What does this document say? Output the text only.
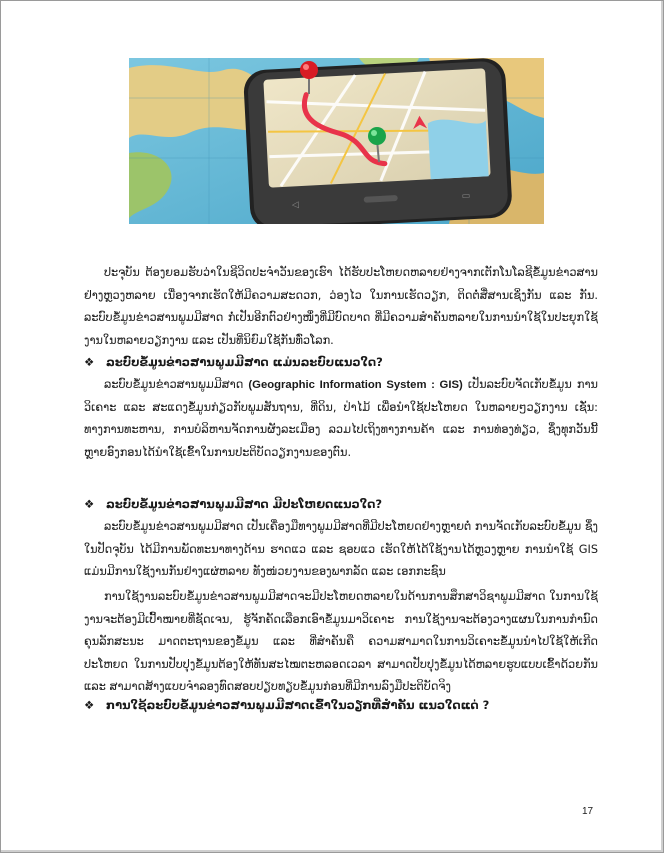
◁
▭

ປະຈຸບັນ ຕ້ອງຍອມຮັບວ່າໃນຊີວິດປະຈໍາວັນຂອງເຮົາ ໄດ້ຮັບປະໂຫຍດຫລາຍຢ່າງຈາກເຕັກໂນໂລຊີຂໍ້ມູນຂ່າວສານຢ່າງຫຼວງຫລາຍ ເນື່ອງຈາກເຮັດໃຫ້ມີຄວາມສະດວກ, ວ່ອງໄວ ໃນການເຮັດວຽກ, ຕິດຕໍ່ສື່ສານເຊິ່ງກັນ ແລະ ກັນ. ລະບົບຂໍ້ມູນຂ່າວສານພູມມີສາດ ກໍ່ເປັນອີກຕົວຢ່າງໜຶ່ງທີ່ມີບົດບາດ ທີ່ມີຄວາມສໍາຄັນຫລາຍໃນການນໍາໃຊ້ໃນປະຍຸກໃຊ້ງານໃນຫລາຍວຽກງານ ແລະ ເປັນທີ່ນິຍົມໃຊ້ກັນທົ່ວໂລກ.

❖ ລະບົບຂໍ້ມູນຂ່າວສານພູມມີສາດ ແມ່ນລະບົບແນວໃດ?

ລະບົບຂໍ້ມູນຂ່າວສານພູມມີສາດ (Geographic Information System : GIS) ເປັນລະບົບຈັດເກັບຂໍ້ມູນ ການວິເຄາະ ແລະ ສະແດງຂໍ້ມູນກ່ຽວກັບພູມສັນຖານ, ທີ່ດິນ, ປ່າໄມ້ ເພື່ອນໍາໃຊ້ປະໂຫຍດ ໃນຫລາຍໆວຽກງານ ເຊັ່ນ: ທາງການທະຫານ, ການບໍລິຫານຈັດການຜັງລະເມືອງ ລວມໄປເຖິງທາງການຄ້າ ແລະ ການທ່ອງທ່ຽວ, ຊຶ່ງທຸກວັນນີ້ ຫຼາຍອົງກອນໄດ້ນໍາໃຊ້ເຂົ້າໃນການປະຕິບັດວຽກງານຂອງຕົນ.

❖ ລະບົບຂໍ້ມູນຂ່າວສານພູມມີສາດ ມີປະໂຫຍດແນວໃດ?

ລະບົບຂໍ້ມູນຂ່າວສານພູມມີສາດ ເປັນເຄື່ອງມືທາງພູມມີສາດທີ່ມີປະໂຫຍດຢ່າງຫຼາຍຕໍ່ ການຈັດເກັບລະບົບຂໍ້ມູນ ຊຶ່ງໃນປັດຈຸບັນ ໄດ້ມີການພັດທະນາທາງດ້ານ ຮາດແວ ແລະ ຊອບແວ ເຮັດໃຫ້ໄດ້ໃຊ້ງານໄດ້ຫຼວງຫຼາຍ ການນໍາໃຊ້ GIS ແມ່ນມີການໃຊ້ງານກັນຢ່າງແຜ່ຫລາຍ ທັງໜ່ວຍງານຂອງພາກລັດ ແລະ ເອກກະຊົນ

ການໃຊ້ງານລະບົບຂໍ້ມູນຂ່າວສານພູມມີສາດຈະມີປະໂຫຍດຫລາຍໃນດ້ານການສຶກສາວິຊາພູມມີສາດ ໃນການໃຊ້ງານຈະຕ້ອງມີເປົ້າໝາຍທີ່ຊັດເຈນ, ຮູ້ຈັກຄັດເລືອກເອົາຂໍ້ມູນມາວິເຄາະ ການໃຊ້ງານຈະຕ້ອງວາງແຜນໃນການກໍານົດຄຸນລັກສະນະ ມາດຕະຖານຂອງຂໍ້ມູນ ແລະ ທີ່ສໍາຄັນຄື ຄວາມສາມາດໃນການວິເຄາະຂໍ້ມູນນໍາໄປໃຊ້ໃຫ້ເກີດປະໂຫຍດ ໃນການປັບປຸງຂໍ້ມູນຕ້ອງໃຫ້ທັນສະໄໝຕະຫລອດເວລາ ສາມາດປັບປຸງຂໍ້ມູນໄດ້ຫລາຍຮູບແບບເຂົ້າດ້ວຍກັນ ແລະ ສາມາດສ້າງແບບຈໍາລອງທົດສອບປຽບທຽບຂໍ້ມູນກ່ອນທີ່ມີການລົງມືປະຕິບັດຈິງ

❖ ການໃຊ້ລະບົບຂໍ້ມູນຂ່າວສານພູມມີສາດເຂົ້າໃນວຽກທີ່ສໍາຄັນ ແນວໃດແດ່ ?

17
